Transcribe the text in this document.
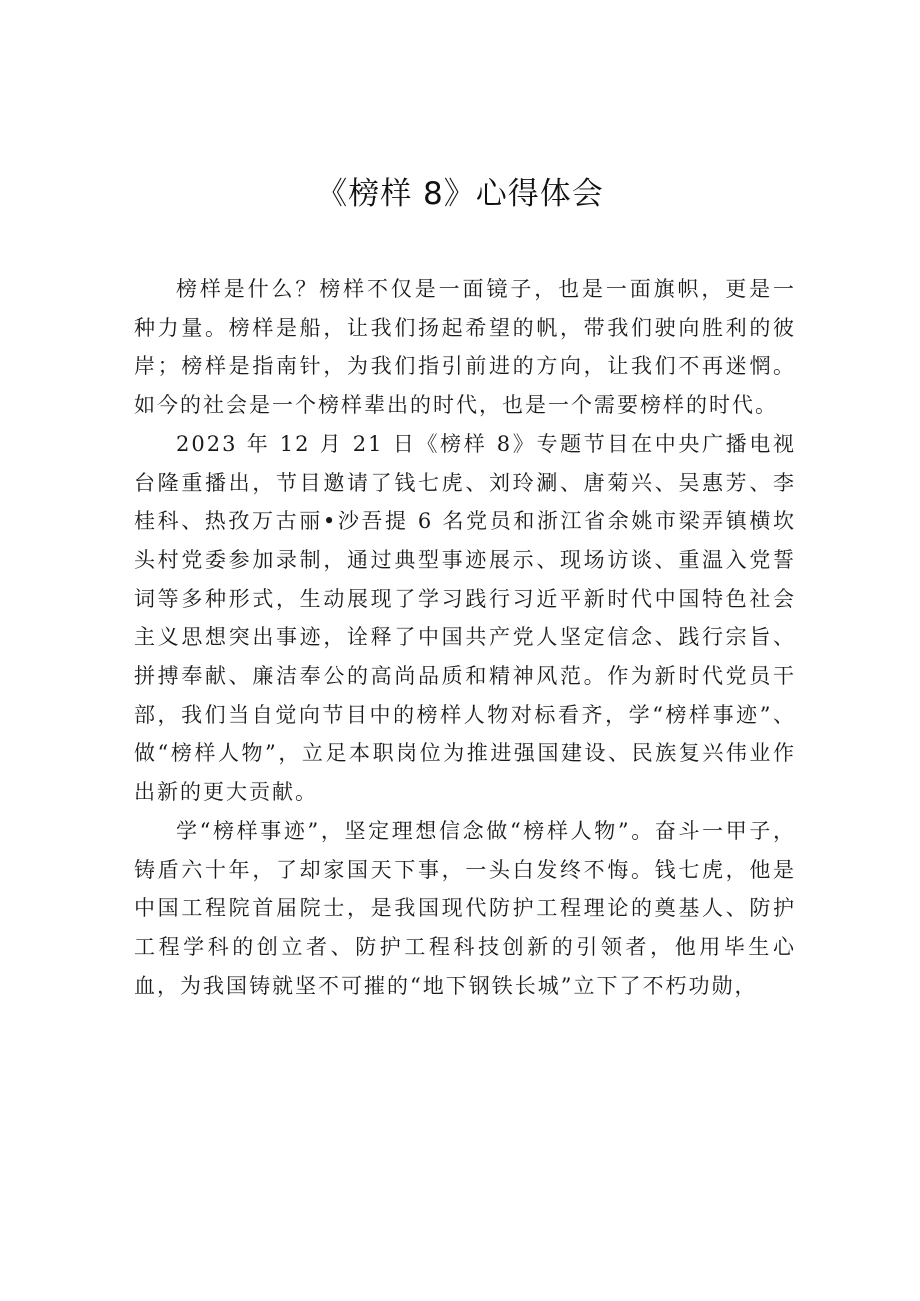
《榜样 8》心得体会

榜样是什么？榜样不仅是一面镜子，也是一面旗帜，更是一种力量。榜样是船，让我们扬起希望的帆，带我们驶向胜利的彼岸；榜样是指南针，为我们指引前进的方向，让我们不再迷惘。如今的社会是一个榜样辈出的时代，也是一个需要榜样的时代。

2023 年 12 月 21 日《榜样 8》专题节目在中央广播电视台隆重播出，节目邀请了钱七虎、刘玲涮、唐菊兴、吴惠芳、李桂科、热孜万古丽•沙吾提 6 名党员和浙江省余姚市梁弄镇横坎头村党委参加录制，通过典型事迹展示、现场访谈、重温入党誓词等多种形式，生动展现了学习践行习近平新时代中国特色社会主义思想突出事迹，诠释了中国共产党人坚定信念、践行宗旨、拼搏奉献、廉洁奉公的高尚品质和精神风范。作为新时代党员干部，我们当自觉向节目中的榜样人物对标看齐，学“榜样事迹”、做“榜样人物”，立足本职岗位为推进强国建设、民族复兴伟业作出新的更大贡献。

学“榜样事迹”，坚定理想信念做“榜样人物”。奋斗一甲子，铸盾六十年，了却家国天下事，一头白发终不悔。钱七虎，他是中国工程院首届院士，是我国现代防护工程理论的奠基人、防护工程学科的创立者、防护工程科技创新的引领者，他用毕生心血，为我国铸就坚不可摧的“地下钢铁长城”立下了不朽功勋，
